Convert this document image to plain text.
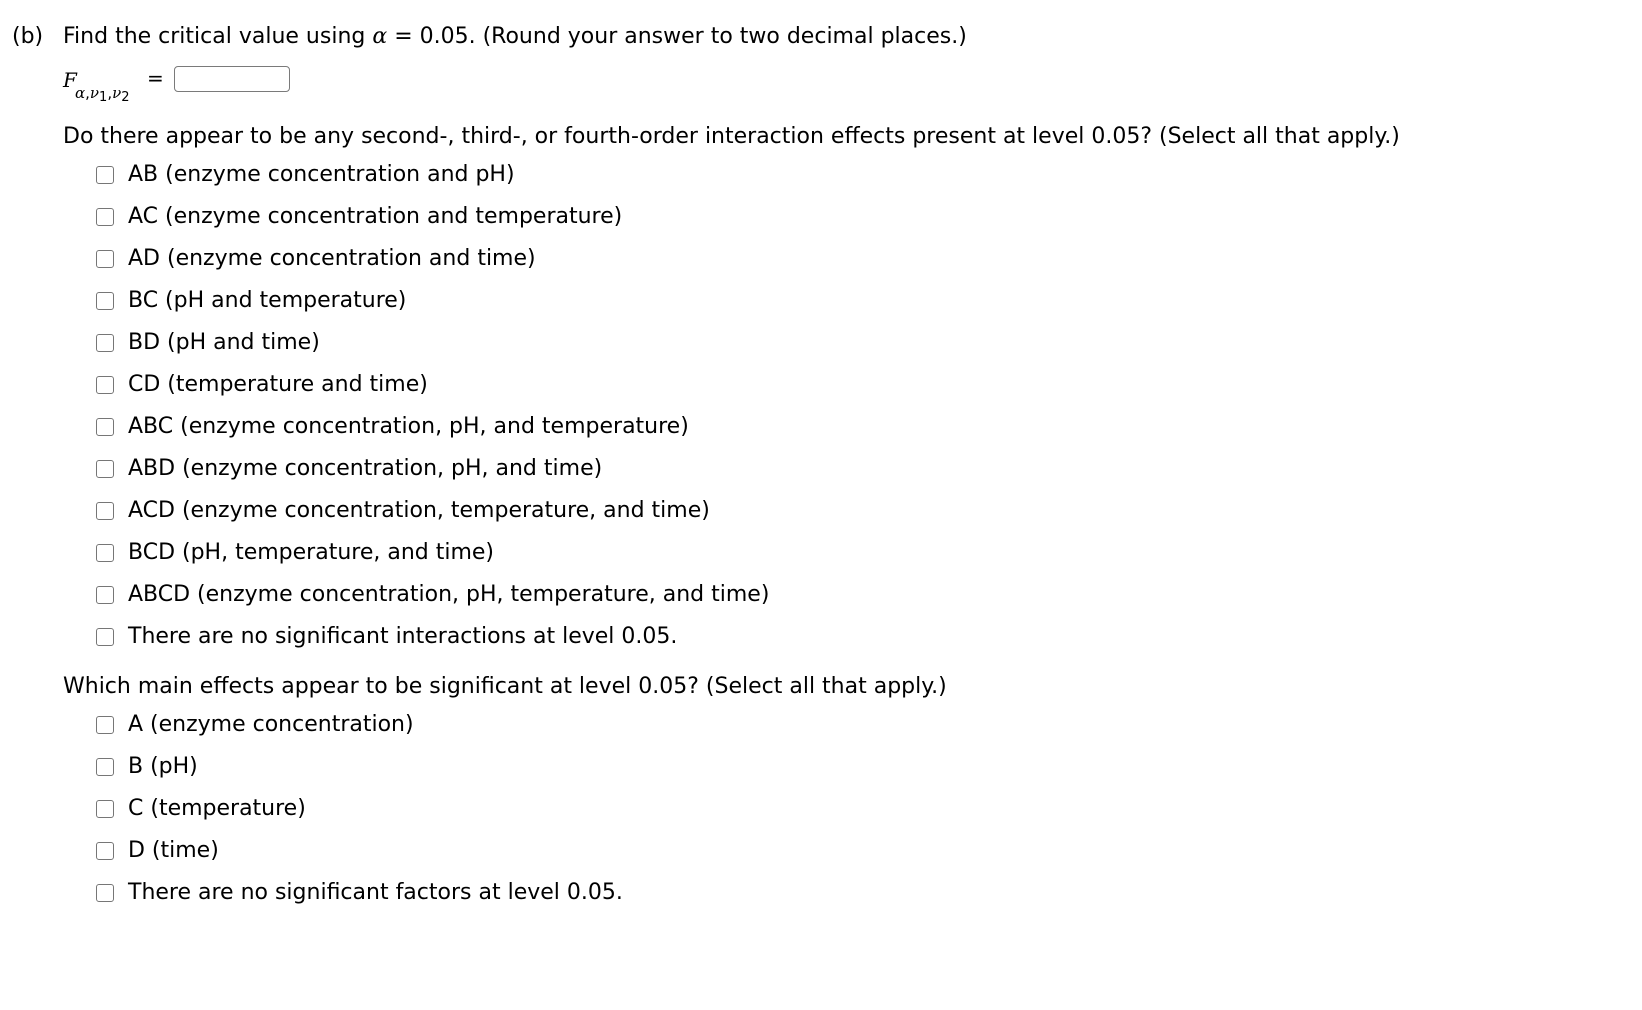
(b) Find the critical value using α = 0.05. (Round your answer to two decimal places.)
F
$\alpha,\nu_1,\nu_2$
=
Do there appear to be any second-, third-, or fourth-order interaction effects present at level 0.05? (Select all that apply.)
AB (enzyme concentration and pH)
AC (enzyme concentration and temperature)
AD (enzyme concentration and time)
BC (pH and temperature)
BD (pH and time)
CD (temperature and time)
ABC (enzyme concentration, pH, and temperature)
ABD (enzyme concentration, pH, and time)
ACD (enzyme concentration, temperature, and time)
BCD (pH, temperature, and time)
ABCD (enzyme concentration, pH, temperature, and time)
There are no significant interactions at level 0.05.
Which main effects appear to be significant at level 0.05? (Select all that apply.)
A (enzyme concentration)
B (pH)
C (temperature)
D (time)
There are no significant factors at level 0.05.
